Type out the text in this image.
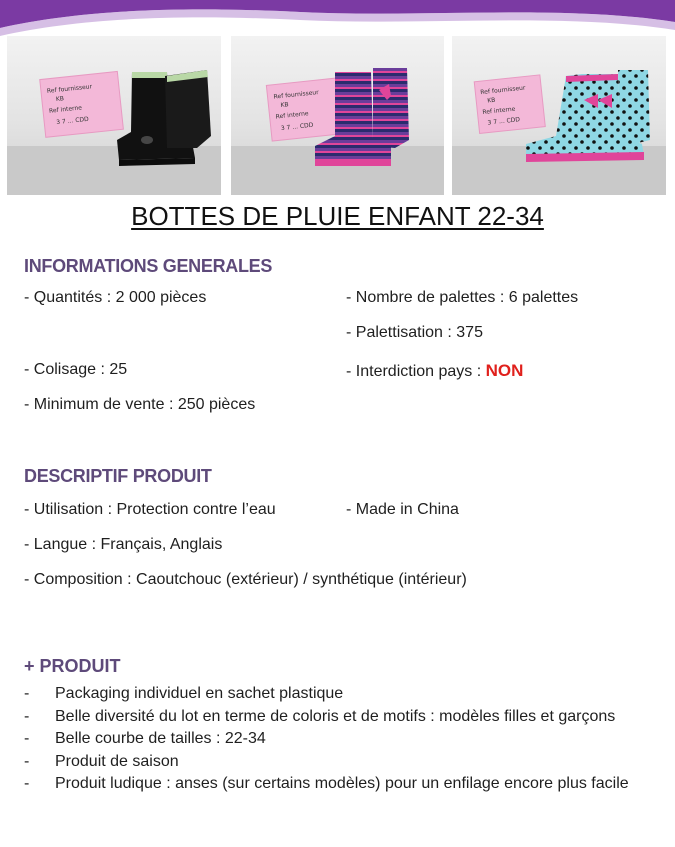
Ref fournisseur
KB
Ref interne
3 7 ... CDD
Ref fournisseur
KB
Ref interne
3 7 ... CDD
Ref fournisseur
KB
Ref interne
3 7 ... CDD
BOTTES DE PLUIE ENFANT 22-34
INFORMATIONS GENERALES
- Quantités : 2 000 pièces	- Nombre de palettes : 6 palettes
- Palettisation : 375
- Colisage : 25	- Interdiction pays : NON
- Minimum de vente : 250 pièces
DESCRIPTIF PRODUIT
- Utilisation : Protection contre l’eau	- Made in China
- Langue : Français, Anglais
- Composition : Caoutchouc (extérieur) / synthétique (intérieur)
+ PRODUIT
- Packaging individuel en sachet plastique
- Belle diversité du lot en terme de coloris et de motifs : modèles filles et garçons
- Belle courbe de tailles : 22-34
- Produit de saison
- Produit ludique : anses (sur certains modèles) pour un enfilage encore plus facile
